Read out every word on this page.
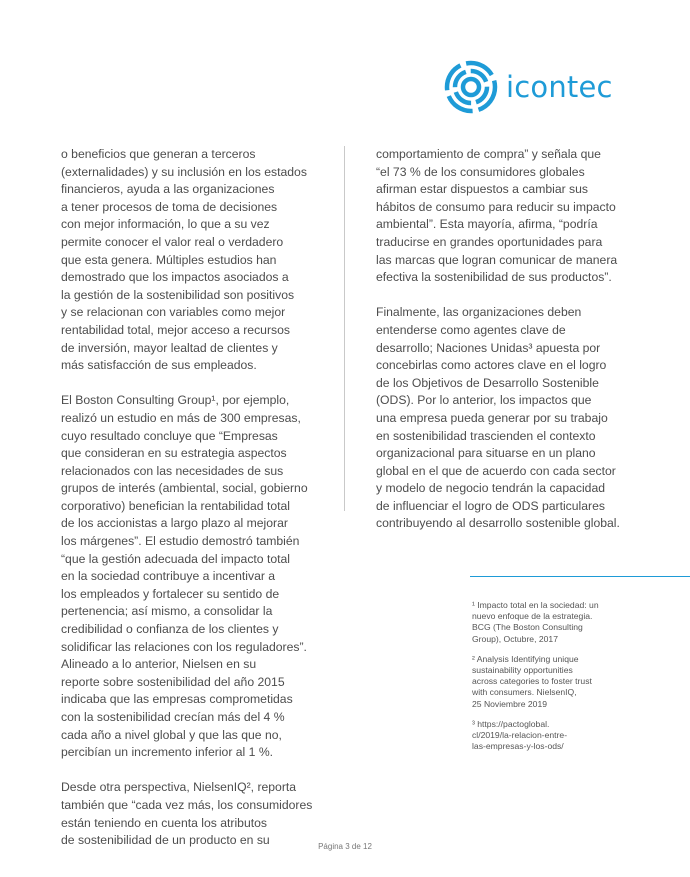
icontec

o beneficios que generan a terceros
(externalidades) y su inclusión en los estados
financieros, ayuda a las organizaciones
a tener procesos de toma de decisiones
con mejor información, lo que a su vez
permite conocer el valor real o verdadero
que esta genera. Múltiples estudios han
demostrado que los impactos asociados a
la gestión de la sostenibilidad son positivos
y se relacionan con variables como mejor
rentabilidad total, mejor acceso a recursos
de inversión, mayor lealtad de clientes y
más satisfacción de sus empleados.

El Boston Consulting Group¹, por ejemplo,
realizó un estudio en más de 300 empresas,
cuyo resultado concluye que “Empresas
que consideran en su estrategia aspectos
relacionados con las necesidades de sus
grupos de interés (ambiental, social, gobierno
corporativo) benefician la rentabilidad total
de los accionistas a largo plazo al mejorar
los márgenes”. El estudio demostró también
“que la gestión adecuada del impacto total
en la sociedad contribuye a incentivar a
los empleados y fortalecer su sentido de
pertenencia; así mismo, a consolidar la
credibilidad o confianza de los clientes y
solidificar las relaciones con los reguladores”.
Alineado a lo anterior, Nielsen en su
reporte sobre sostenibilidad del año 2015
indicaba que las empresas comprometidas
con la sostenibilidad crecían más del 4 %
cada año a nivel global y que las que no,
percibían un incremento inferior al 1 %.

Desde otra perspectiva, NielsenIQ², reporta
también que “cada vez más, los consumidores
están teniendo en cuenta los atributos
de sostenibilidad de un producto en su

comportamiento de compra” y señala que
“el 73 % de los consumidores globales
afirman estar dispuestos a cambiar sus
hábitos de consumo para reducir su impacto
ambiental”. Esta mayoría, afirma, “podría
traducirse en grandes oportunidades para
las marcas que logran comunicar de manera
efectiva la sostenibilidad de sus productos”.

Finalmente, las organizaciones deben
entenderse como agentes clave de
desarrollo; Naciones Unidas³ apuesta por
concebirlas como actores clave en el logro
de los Objetivos de Desarrollo Sostenible
(ODS). Por lo anterior, los impactos que
una empresa pueda generar por su trabajo
en sostenibilidad trascienden el contexto
organizacional para situarse en un plano
global en el que de acuerdo con cada sector
y modelo de negocio tendrán la capacidad
de influenciar el logro de ODS particulares
contribuyendo al desarrollo sostenible global.

¹ Impacto total en la sociedad: un
nuevo enfoque de la estrategia.
BCG (The Boston Consulting
Group), Octubre, 2017

² Analysis Identifying unique
sustainability opportunities
across categories to foster trust
with consumers. NielsenIQ,
25 Noviembre 2019

³ https://pactoglobal.
cl/2019/la-relacion-entre-
las-empresas-y-los-ods/

Página 3 de 12
